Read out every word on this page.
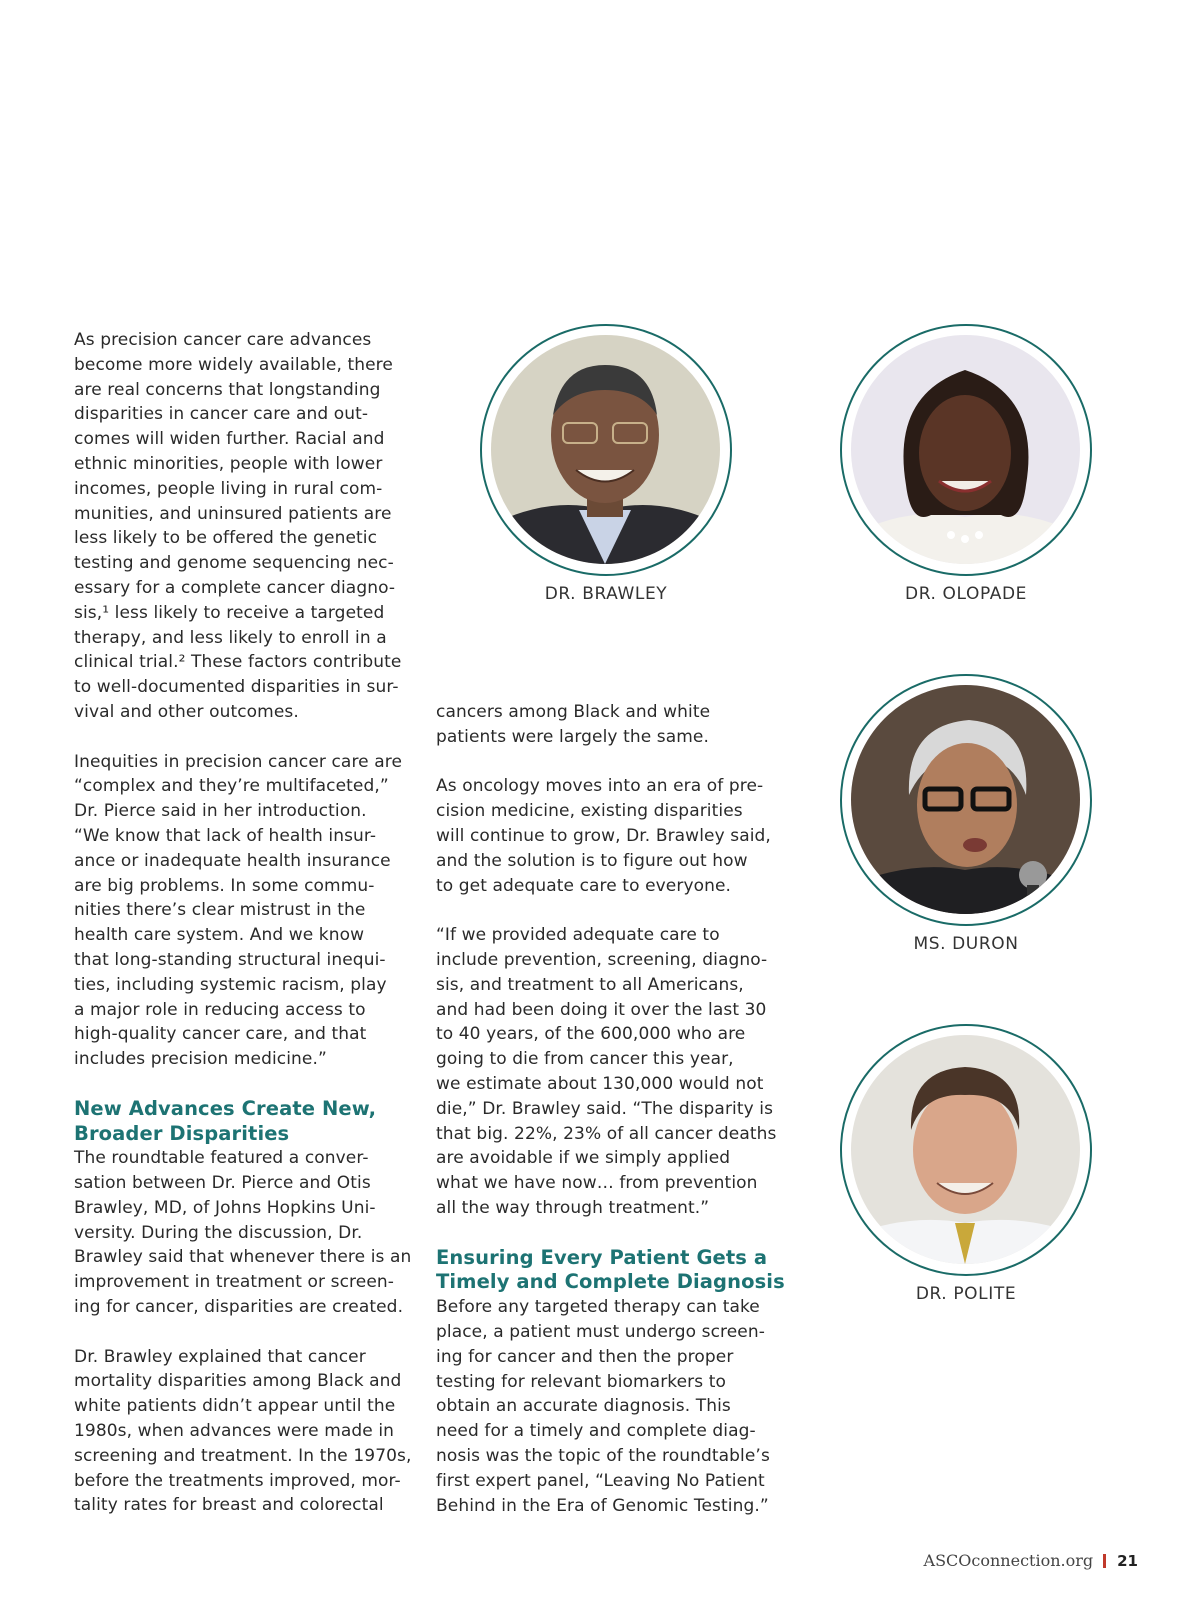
As precision cancer care advances
become more widely available, there
are real concerns that longstanding
disparities in cancer care and out-
comes will widen further. Racial and
ethnic minorities, people with lower
incomes, people living in rural com-
munities, and uninsured patients are
less likely to be offered the genetic
testing and genome sequencing nec-
essary for a complete cancer diagno-
sis,¹ less likely to receive a targeted
therapy, and less likely to enroll in a
clinical trial.² These factors contribute
to well-documented disparities in sur-
vival and other outcomes.

Inequities in precision cancer care are
“complex and they’re multifaceted,”
Dr. Pierce said in her introduction.
“We know that lack of health insur-
ance or inadequate health insurance
are big problems. In some commu-
nities there’s clear mistrust in the
health care system. And we know
that long-standing structural inequi-
ties, including systemic racism, play
a major role in reducing access to
high-quality cancer care, and that
includes precision medicine.”

New Advances Create New,
Broader Disparities

The roundtable featured a conver-
sation between Dr. Pierce and Otis
Brawley, MD, of Johns Hopkins Uni-
versity. During the discussion, Dr.
Brawley said that whenever there is an
improvement in treatment or screen-
ing for cancer, disparities are created.

Dr. Brawley explained that cancer
mortality disparities among Black and
white patients didn’t appear until the
1980s, when advances were made in
screening and treatment. In the 1970s,
before the treatments improved, mor-
tality rates for breast and colorectal

cancers among Black and white
patients were largely the same.

As oncology moves into an era of pre-
cision medicine, existing disparities
will continue to grow, Dr. Brawley said,
and the solution is to figure out how
to get adequate care to everyone.

“If we provided adequate care to
include prevention, screening, diagno-
sis, and treatment to all Americans,
and had been doing it over the last 30
to 40 years, of the 600,000 who are
going to die from cancer this year,
we estimate about 130,000 would not
die,” Dr. Brawley said. “The disparity is
that big. 22%, 23% of all cancer deaths
are avoidable if we simply applied
what we have now… from prevention
all the way through treatment.”

Ensuring Every Patient Gets a
Timely and Complete Diagnosis

Before any targeted therapy can take
place, a patient must undergo screen-
ing for cancer and then the proper
testing for relevant biomarkers to
obtain an accurate diagnosis. This
need for a timely and complete diag-
nosis was the topic of the roundtable’s
first expert panel, “Leaving No Patient
Behind in the Era of Genomic Testing.”

DR. BRAWLEY	DR. OLOPADE
MS. DURON
DR. POLITE
ASCOconnection.org 21
